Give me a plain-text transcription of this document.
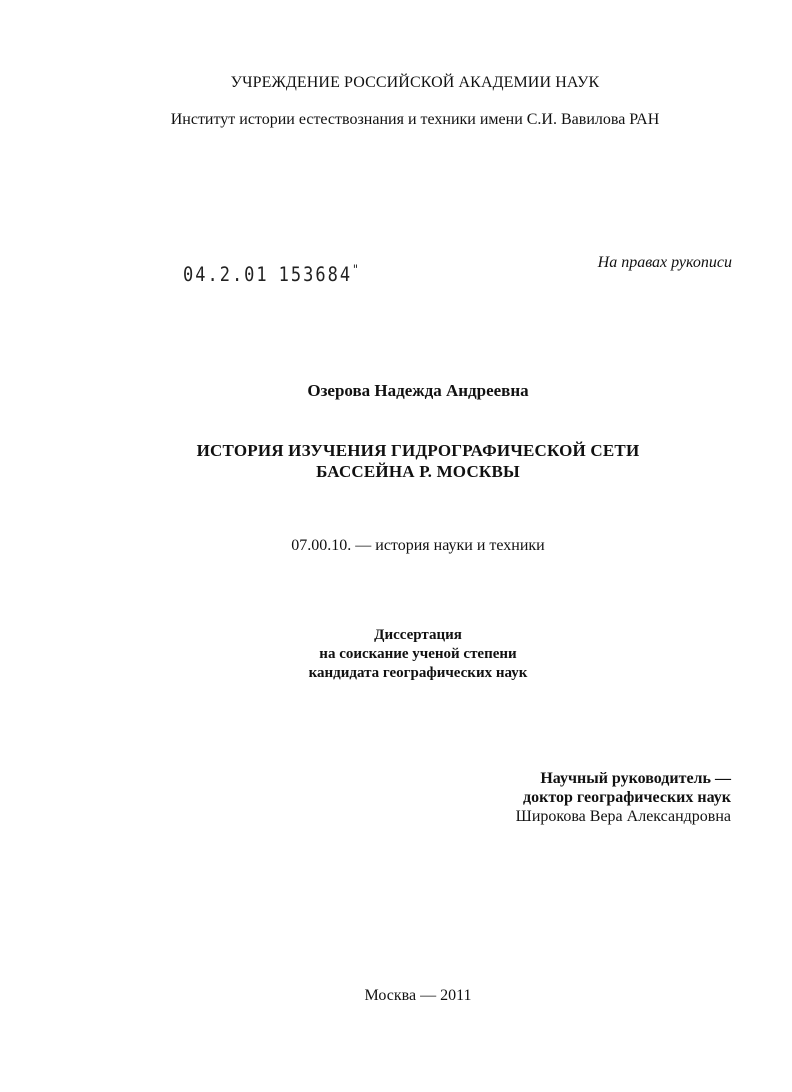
УЧРЕЖДЕНИЕ РОССИЙСКОЙ АКАДЕМИИ НАУК
Институт истории естествознания и техники имени С.И. Вавилова РАН
04.2.01 153684"	На правах рукописи
Озерова Надежда Андреевна
ИСТОРИЯ ИЗУЧЕНИЯ ГИДРОГРАФИЧЕСКОЙ СЕТИ
БАССЕЙНА Р. МОСКВЫ
07.00.10. — история науки и техники
Диссертация
на соискание ученой степени
кандидата географических наук
Научный руководитель —
доктор географических наук
Широкова Вера Александровна
Москва — 2011
